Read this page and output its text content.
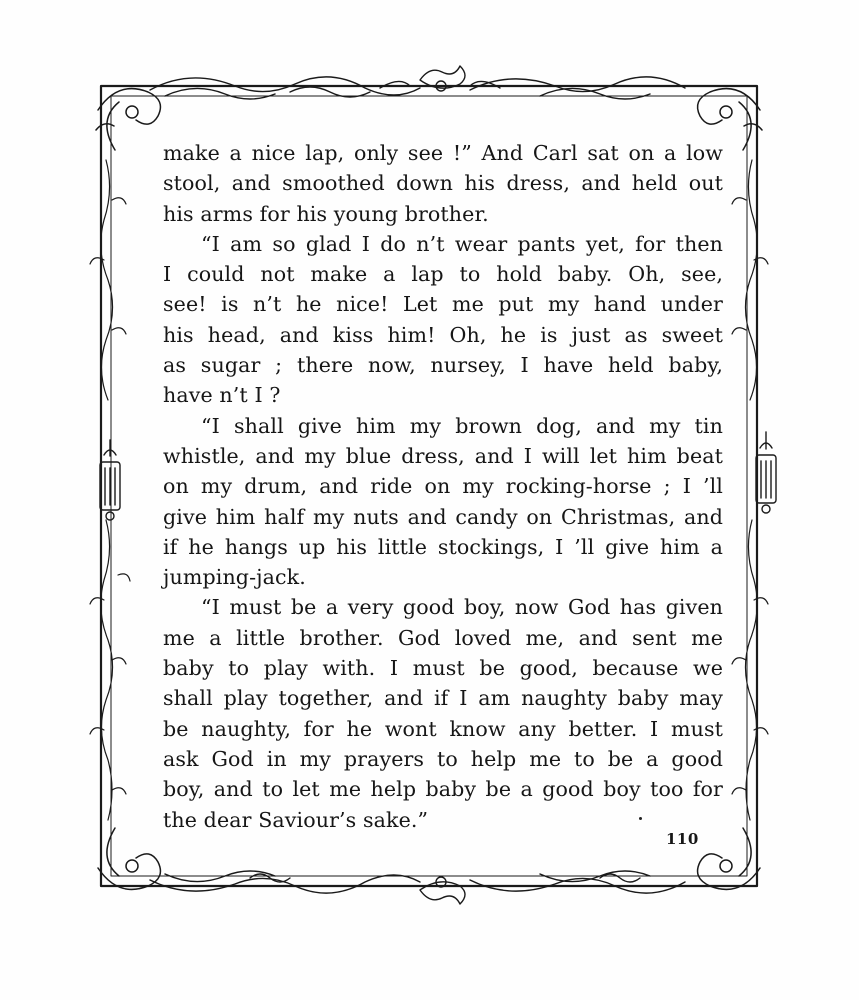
make a nice lap, only see !” And Carl sat on a low
stool, and smoothed down his dress, and held out
his arms for his young brother.
“I am so glad I do n’t wear pants yet, for then
I could not make a lap to hold baby. Oh, see,
see! is n’t he nice! Let me put my hand under
his head, and kiss him! Oh, he is just as sweet
as sugar ; there now, nursey, I have held baby,
have n’t I ?
“I shall give him my brown dog, and my tin
whistle, and my blue dress, and I will let him beat
on my drum, and ride on my rocking-horse ; I ’ll
give him half my nuts and candy on Christmas, and
if he hangs up his little stockings, I ’ll give him a
jumping-jack.
“I must be a very good boy, now God has given
me a little brother. God loved me, and sent me
baby to play with. I must be good, because we
shall play together, and if I am naughty baby may
be naughty, for he wont know any better. I must
ask God in my prayers to help me to be a good
boy, and to let me help baby be a good boy too for
the dear Saviour’s sake.”
110
